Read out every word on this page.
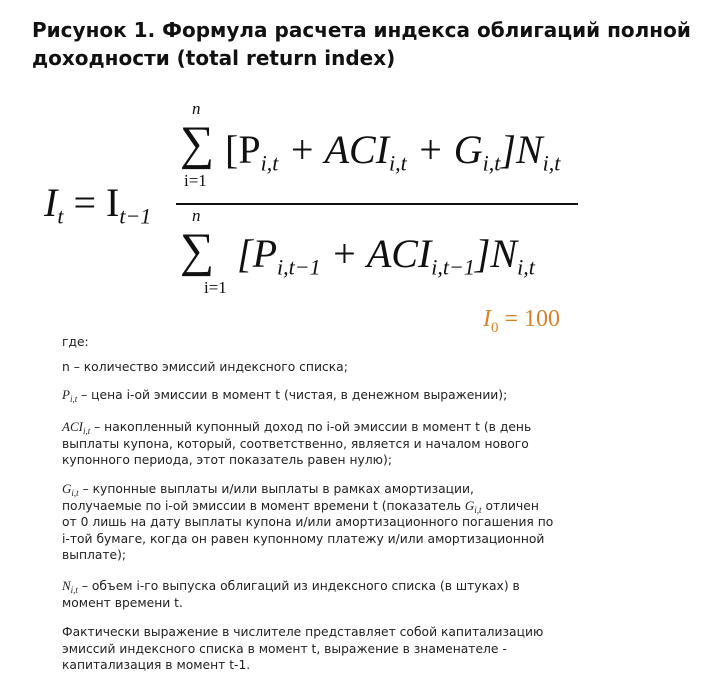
Рисунок 1. Формула расчета индекса облигаций полной
доходности (total return index)
$I_t = I_{t-1}$
n
∑
i=1
$[P_{i,t} + ACI_{i,t} + G_{i,t}]N_{i,t}$
n
∑
i=1
$[P_{i,t-1} + ACI_{i,t-1}]N_{i,t}$
$I_0 = 100$
где:
n – количество эмиссий индексного списка;
$P_{i,t}$ – цена i-ой эмиссии в момент t (чистая, в денежном выражении);
$ACI_{i,t}$ – накопленный купонный доход по i-ой эмиссии в момент t (в день
выплаты купона, который, соответственно, является и началом нового
купонного периода, этот показатель равен нулю);
$G_{i,t}$ – купонные выплаты и/или выплаты в рамках амортизации,
получаемые по i-ой эмиссии в момент времени t (показатель $G_{i,t}$ отличен
от 0 лишь на дату выплаты купона и/или амортизационного погашения по
i-той бумаге, когда он равен купонному платежу и/или амортизационной
выплате);
$N_{i,t}$ – объем i-го выпуска облигаций из индексного списка (в штуках) в
момент времени t.
Фактически выражение в числителе представляет собой капитализацию
эмиссий индексного списка в момент t, выражение в знаменателе -
капитализация в момент t-1.
